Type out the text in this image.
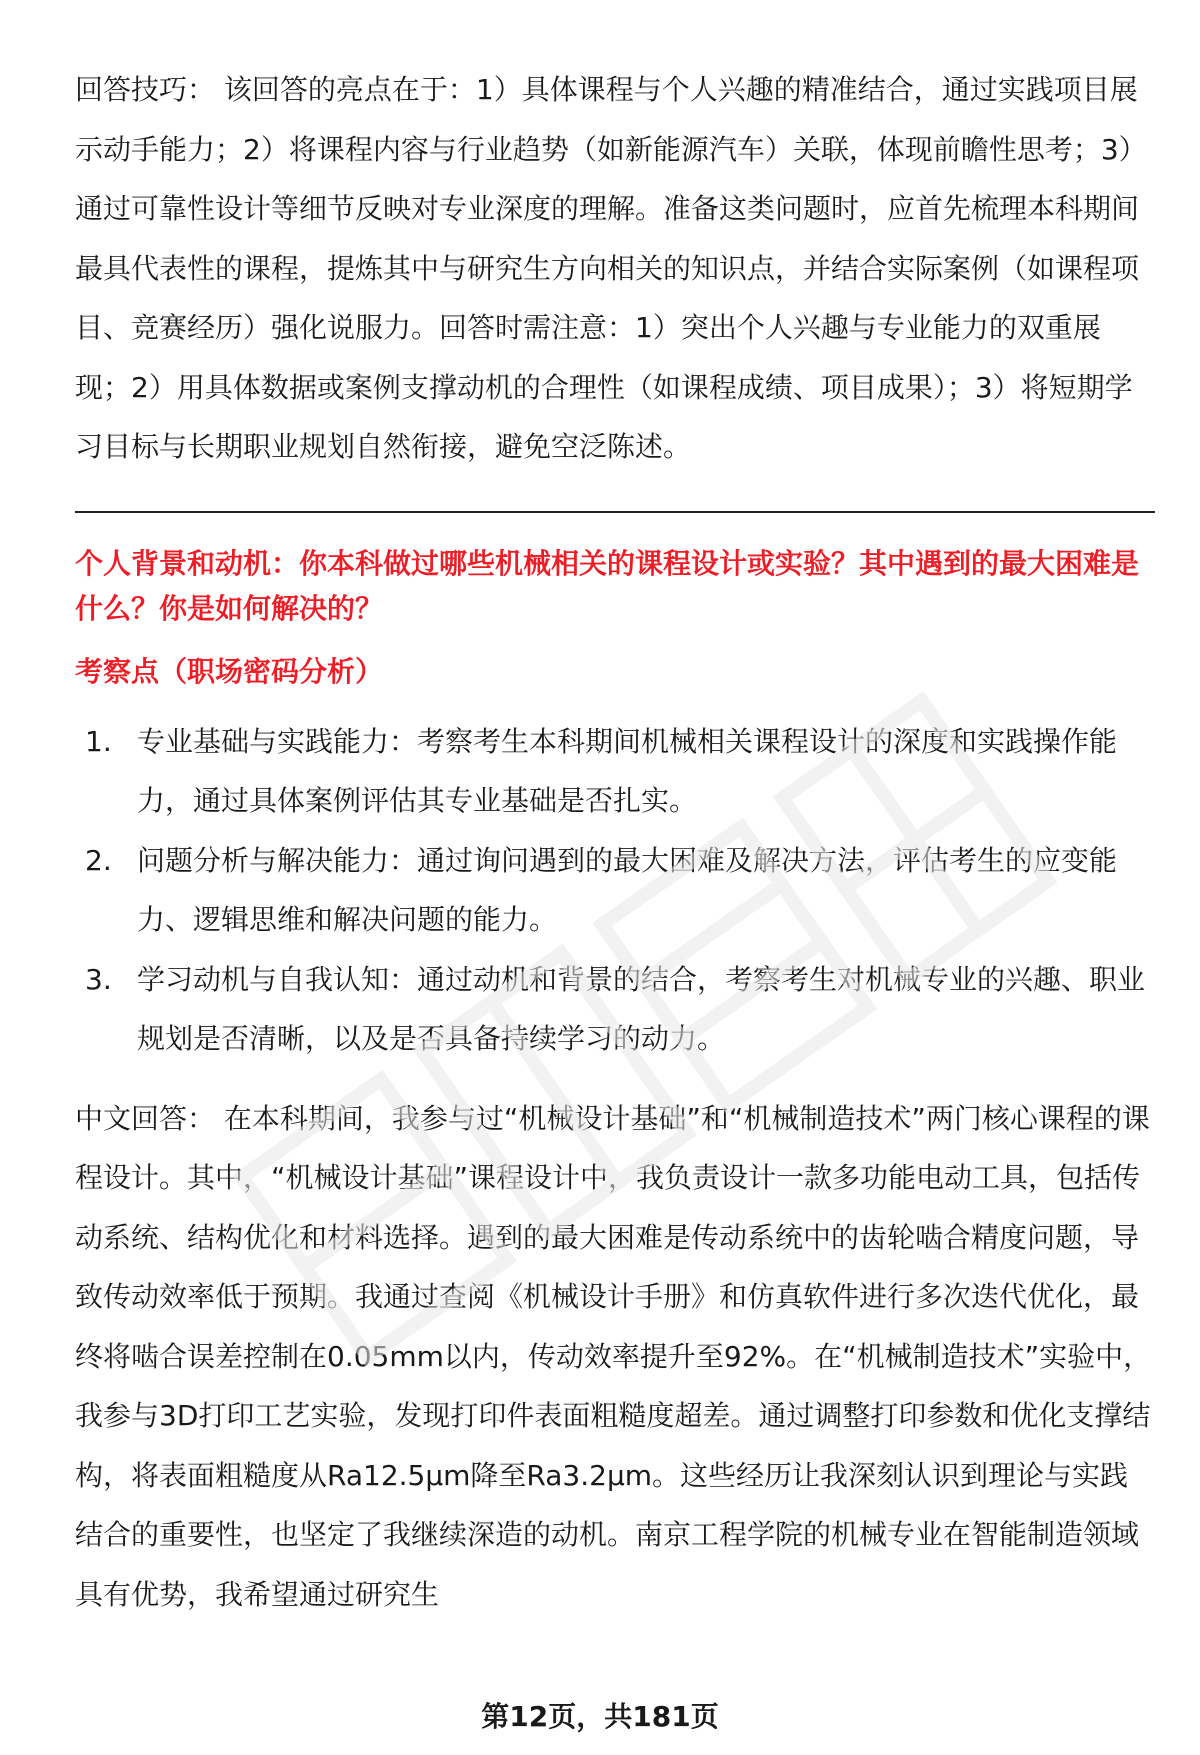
回答技巧： 该回答的亮点在于：1）具体课程与个人兴趣的精准结合，通过实践项目展示动手能力；2）将课程内容与行业趋势（如新能源汽车）关联，体现前瞻性思考；3）通过可靠性设计等细节反映对专业深度的理解。准备这类问题时，应首先梳理本科期间最具代表性的课程，提炼其中与研究生方向相关的知识点，并结合实际案例（如课程项目、竞赛经历）强化说服力。回答时需注意：1）突出个人兴趣与专业能力的双重展现；2）用具体数据或案例支撑动机的合理性（如课程成绩、项目成果）；3）将短期学习目标与长期职业规划自然衔接，避免空泛陈述。

个人背景和动机：你本科做过哪些机械相关的课程设计或实验？其中遇到的最大困难是什么？你是如何解决的？

考察点（职场密码分析）

1. 专业基础与实践能力：考察考生本科期间机械相关课程设计的深度和实践操作能力，通过具体案例评估其专业基础是否扎实。
2. 问题分析与解决能力：通过询问遇到的最大困难及解决方法，评估考生的应变能力、逻辑思维和解决问题的能力。
3. 学习动机与自我认知：通过动机和背景的结合，考察考生对机械专业的兴趣、职业规划是否清晰，以及是否具备持续学习的动力。

中文回答： 在本科期间，我参与过“机械设计基础”和“机械制造技术”两门核心课程的课程设计。其中，“机械设计基础”课程设计中，我负责设计一款多功能电动工具，包括传动系统、结构优化和材料选择。遇到的最大困难是传动系统中的齿轮啮合精度问题，导致传动效率低于预期。我通过查阅《机械设计手册》和仿真软件进行多次迭代优化，最终将啮合误差控制在0.05mm以内，传动效率提升至92%。在“机械制造技术”实验中，我参与3D打印工艺实验，发现打印件表面粗糙度超差。通过调整打印参数和优化支撑结构，将表面粗糙度从Ra12.5μm降至Ra3.2μm。这些经历让我深刻认识到理论与实践结合的重要性，也坚定了我继续深造的动机。南京工程学院的机械专业在智能制造领域具有优势，我希望通过研究生

第12页，共181页
